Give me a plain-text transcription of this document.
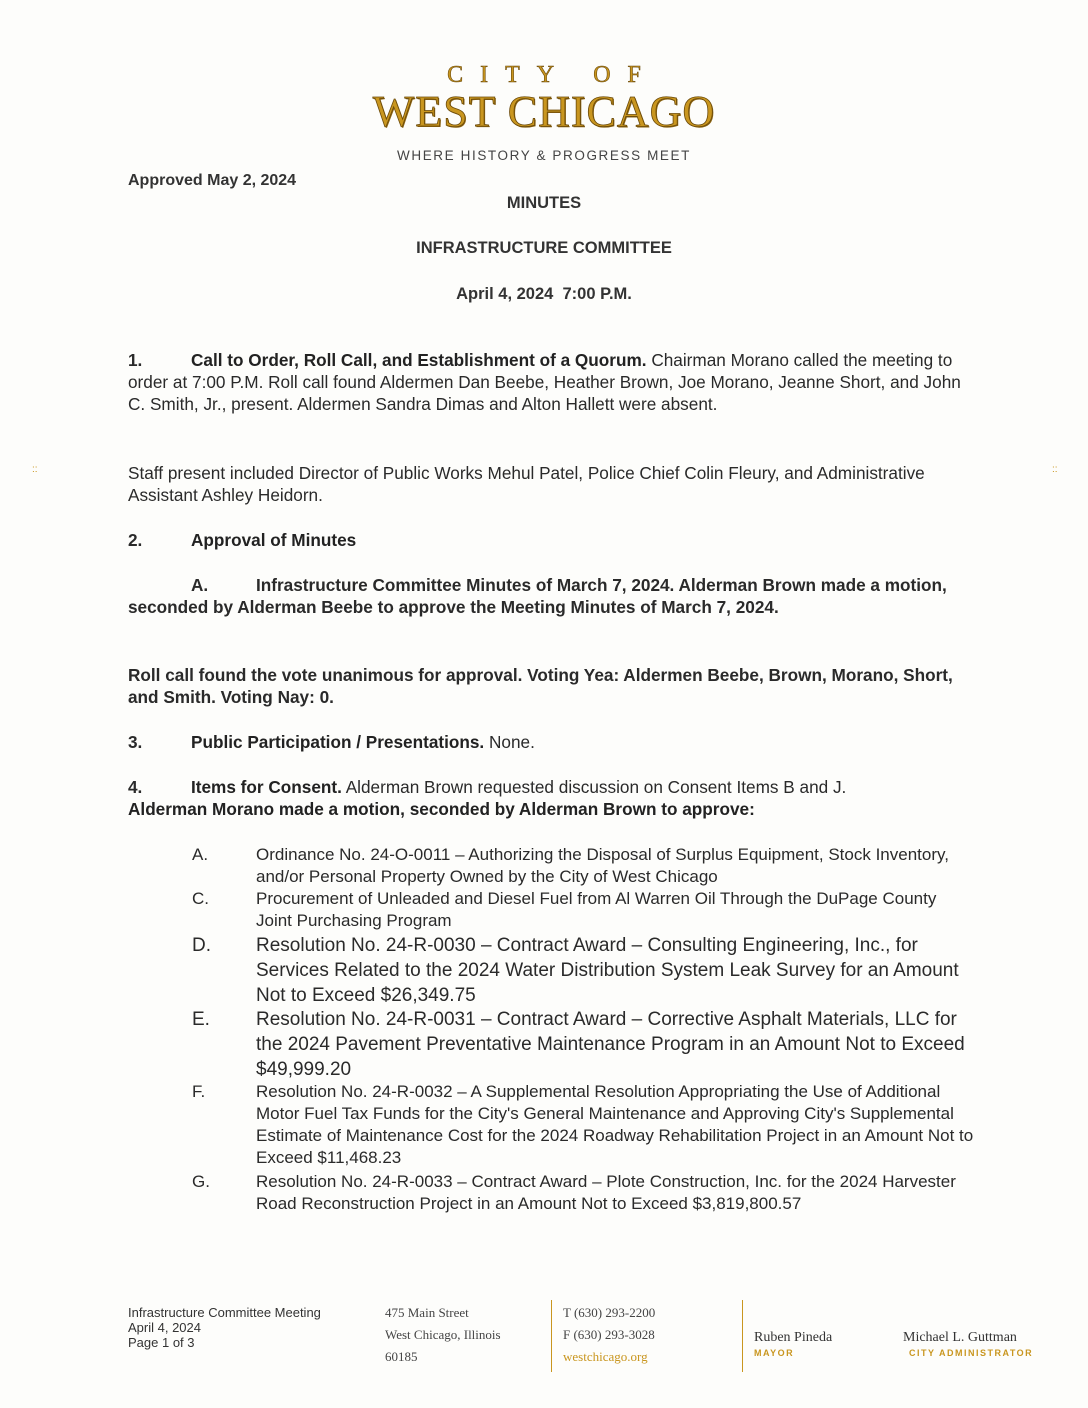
CITY OF
WEST CHICAGO
WHERE HISTORY & PROGRESS MEET
Approved May 2, 2024
MINUTES
INFRASTRUCTURE COMMITTEE
April 4, 2024  7:00 P.M.
::	::
1.	Call to Order, Roll Call, and Establishment of a Quorum. Chairman Morano called the meeting to order at 7:00 P.M. Roll call found Aldermen Dan Beebe, Heather Brown, Joe Morano, Jeanne Short, and John C. Smith, Jr., present. Aldermen Sandra Dimas and Alton Hallett were absent.
Staff present included Director of Public Works Mehul Patel, Police Chief Colin Fleury, and Administrative Assistant Ashley Heidorn.
2.	Approval of Minutes
A.	Infrastructure Committee Minutes of March 7, 2024. Alderman Brown made a motion, seconded by Alderman Beebe to approve the Meeting Minutes of March 7, 2024.
Roll call found the vote unanimous for approval. Voting Yea: Aldermen Beebe, Brown, Morano, Short, and Smith. Voting Nay: 0.
3.	Public Participation / Presentations. None.
4.	Items for Consent. Alderman Brown requested discussion on Consent Items B and J.
Alderman Morano made a motion, seconded by Alderman Brown to approve:
A.	Ordinance No. 24-O-0011 – Authorizing the Disposal of Surplus Equipment, Stock Inventory, and/or Personal Property Owned by the City of West Chicago
C.	Procurement of Unleaded and Diesel Fuel from Al Warren Oil Through the DuPage County Joint Purchasing Program
D.	Resolution No. 24-R-0030 – Contract Award – Consulting Engineering, Inc., for Services Related to the 2024 Water Distribution System Leak Survey for an Amount Not to Exceed $26,349.75
E.	Resolution No. 24-R-0031 – Contract Award – Corrective Asphalt Materials, LLC for the 2024 Pavement Preventative Maintenance Program in an Amount Not to Exceed $49,999.20
F.	Resolution No. 24-R-0032 – A Supplemental Resolution Appropriating the Use of Additional Motor Fuel Tax Funds for the City's General Maintenance and Approving City's Supplemental Estimate of Maintenance Cost for the 2024 Roadway Rehabilitation Project in an Amount Not to Exceed $11,468.23
G.	Resolution No. 24-R-0033 – Contract Award – Plote Construction, Inc. for the 2024 Harvester Road Reconstruction Project in an Amount Not to Exceed $3,819,800.57
Infrastructure Committee Meeting
April 4, 2024
Page 1 of 3
475 Main Street
West Chicago, Illinois
60185
T (630) 293-2200
F (630) 293-3028
westchicago.org
Ruben Pineda
MAYOR
Michael L. Guttman
CITY ADMINISTRATOR
